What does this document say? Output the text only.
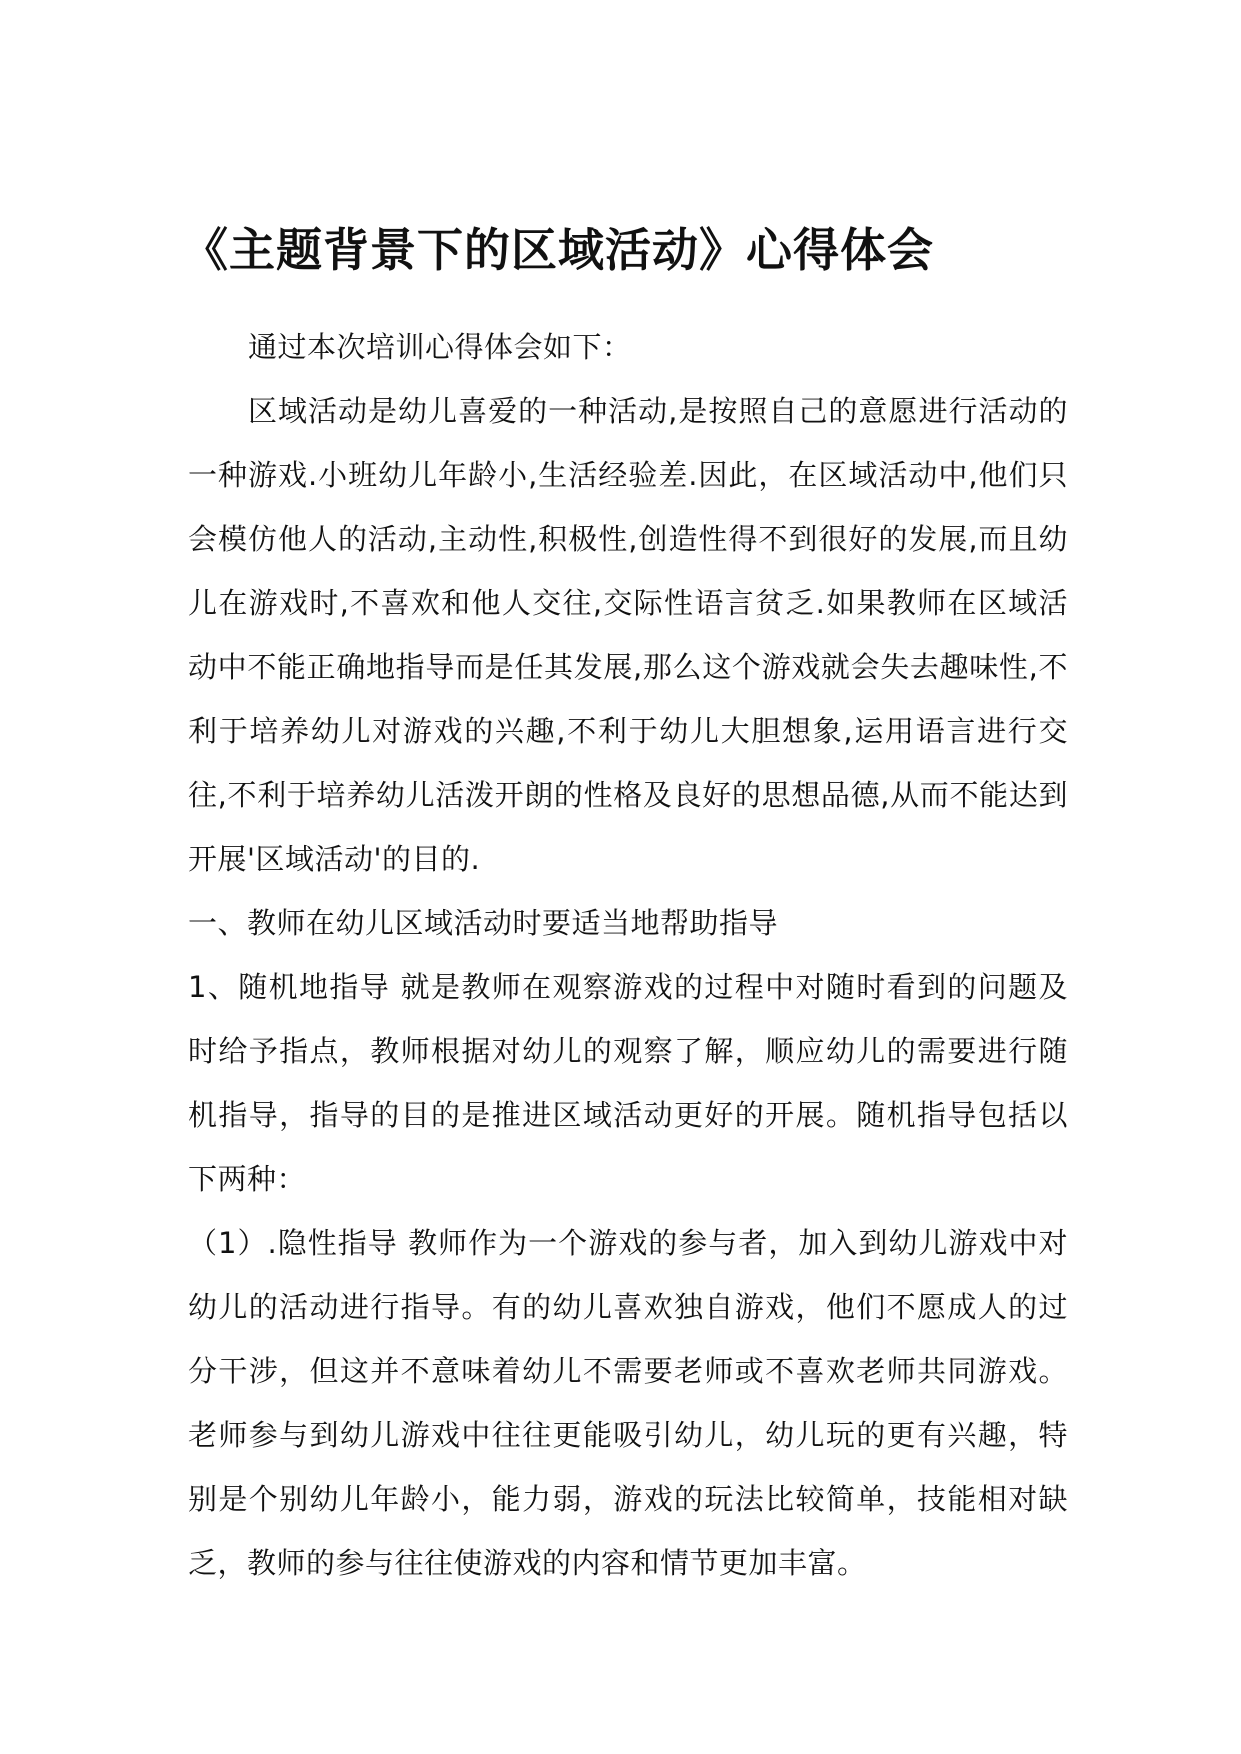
《主题背景下的区域活动》心得体会

通过本次培训心得体会如下：

区域活动是幼儿喜爱的一种活动,是按照自己的意愿进行活动的一种游戏.小班幼儿年龄小,生活经验差.因此，在区域活动中,他们只会模仿他人的活动,主动性,积极性,创造性得不到很好的发展,而且幼儿在游戏时,不喜欢和他人交往,交际性语言贫乏.如果教师在区域活动中不能正确地指导而是任其发展,那么这个游戏就会失去趣味性,不利于培养幼儿对游戏的兴趣,不利于幼儿大胆想象,运用语言进行交往,不利于培养幼儿活泼开朗的性格及良好的思想品德,从而不能达到开展'区域活动'的目的.

一、教师在幼儿区域活动时要适当地帮助指导

1、随机地指导 就是教师在观察游戏的过程中对随时看到的问题及时给予指点，教师根据对幼儿的观察了解，顺应幼儿的需要进行随机指导，指导的目的是推进区域活动更好的开展。随机指导包括以下两种：

（1）.隐性指导 教师作为一个游戏的参与者，加入到幼儿游戏中对幼儿的活动进行指导。有的幼儿喜欢独自游戏，他们不愿成人的过分干涉，但这并不意味着幼儿不需要老师或不喜欢老师共同游戏。老师参与到幼儿游戏中往往更能吸引幼儿，幼儿玩的更有兴趣，特别是个别幼儿年龄小，能力弱，游戏的玩法比较简单，技能相对缺乏，教师的参与往往使游戏的内容和情节更加丰富。
